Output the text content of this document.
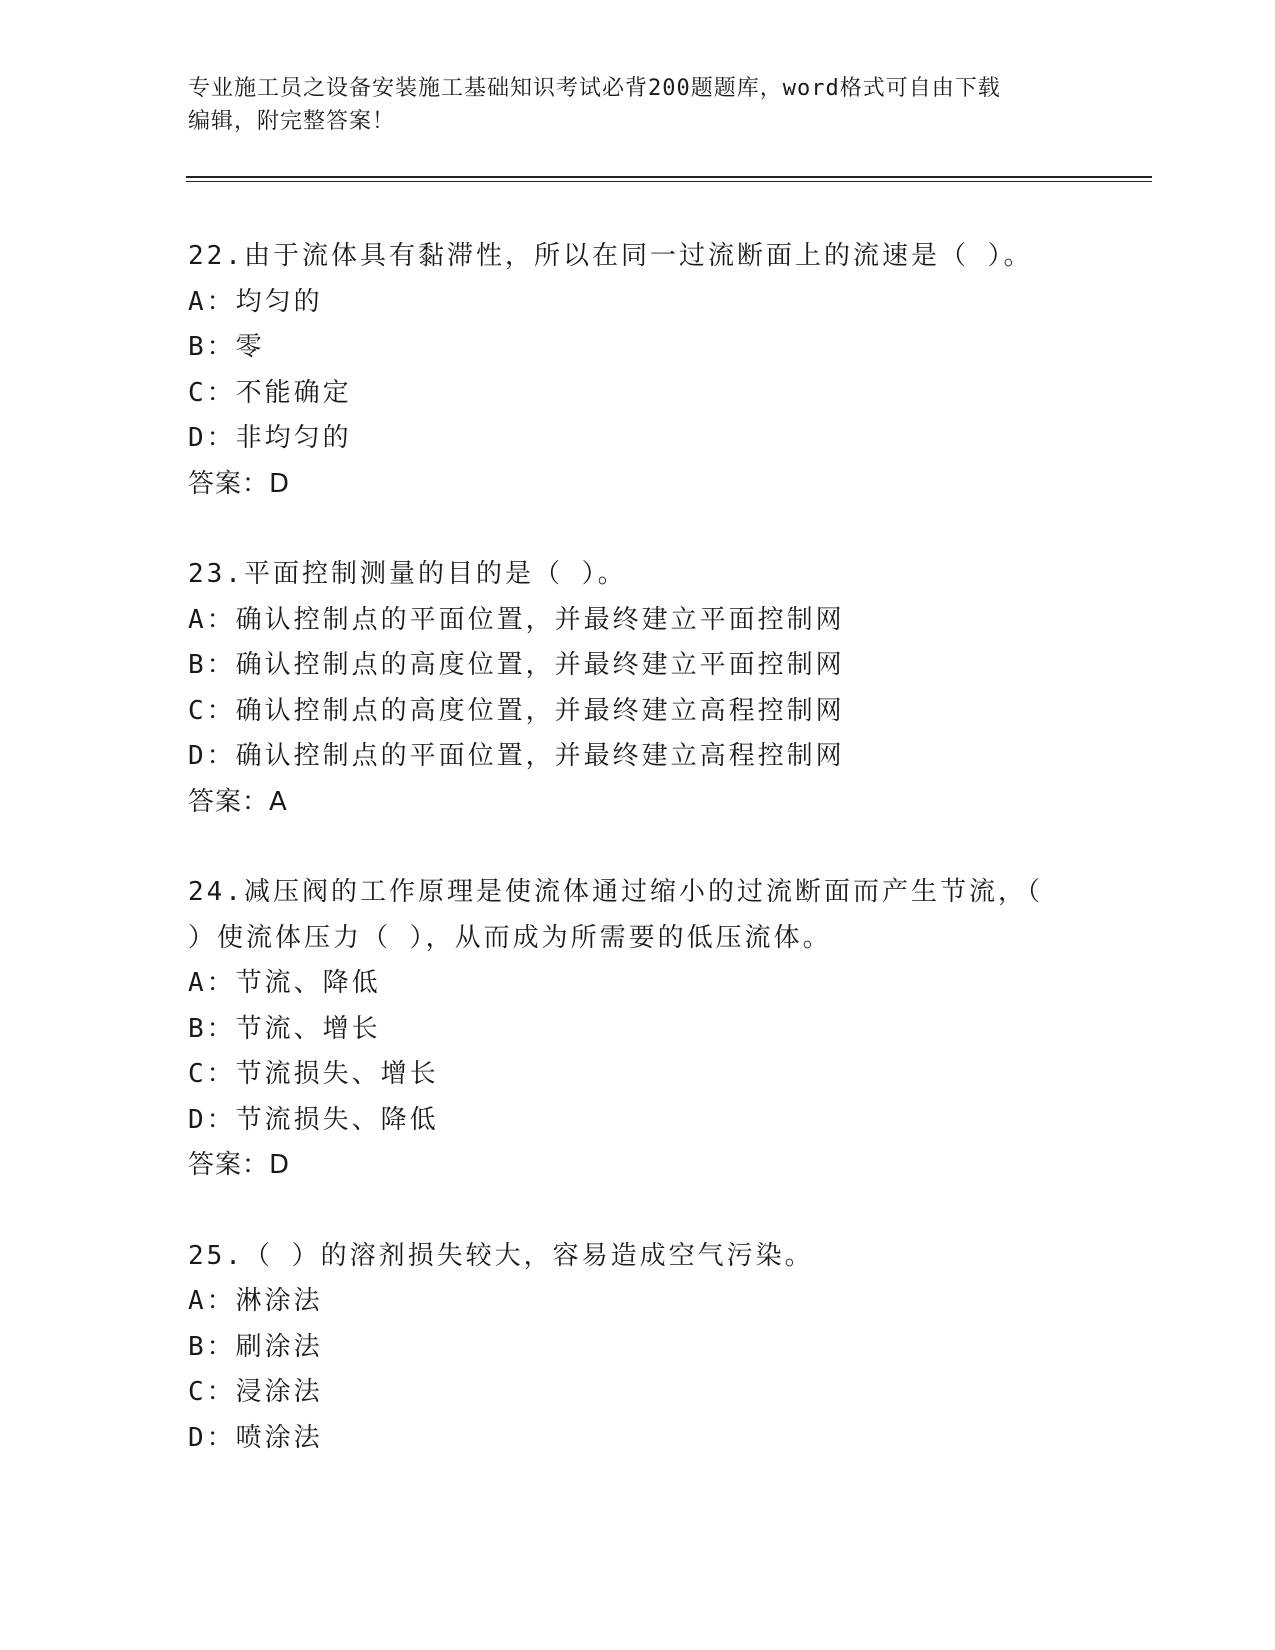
专业施工员之设备安装施工基础知识考试必背200题题库，word格式可自由下载
编辑，附完整答案！
22.由于流体具有黏滞性，所以在同一过流断面上的流速是（ ）。
A：均匀的
B：零
C：不能确定
D：非均匀的
答案：D
23.平面控制测量的目的是（ ）。
A：确认控制点的平面位置，并最终建立平面控制网
B：确认控制点的高度位置，并最终建立平面控制网
C：确认控制点的高度位置，并最终建立高程控制网
D：确认控制点的平面位置，并最终建立高程控制网
答案：A
24.减压阀的工作原理是使流体通过缩小的过流断面而产生节流，（
）使流体压力（ ），从而成为所需要的低压流体。
A：节流、降低
B：节流、增长
C：节流损失、增长
D：节流损失、降低
答案：D
25.（ ）的溶剂损失较大，容易造成空气污染。
A：淋涂法
B：刷涂法
C：浸涂法
D：喷涂法
